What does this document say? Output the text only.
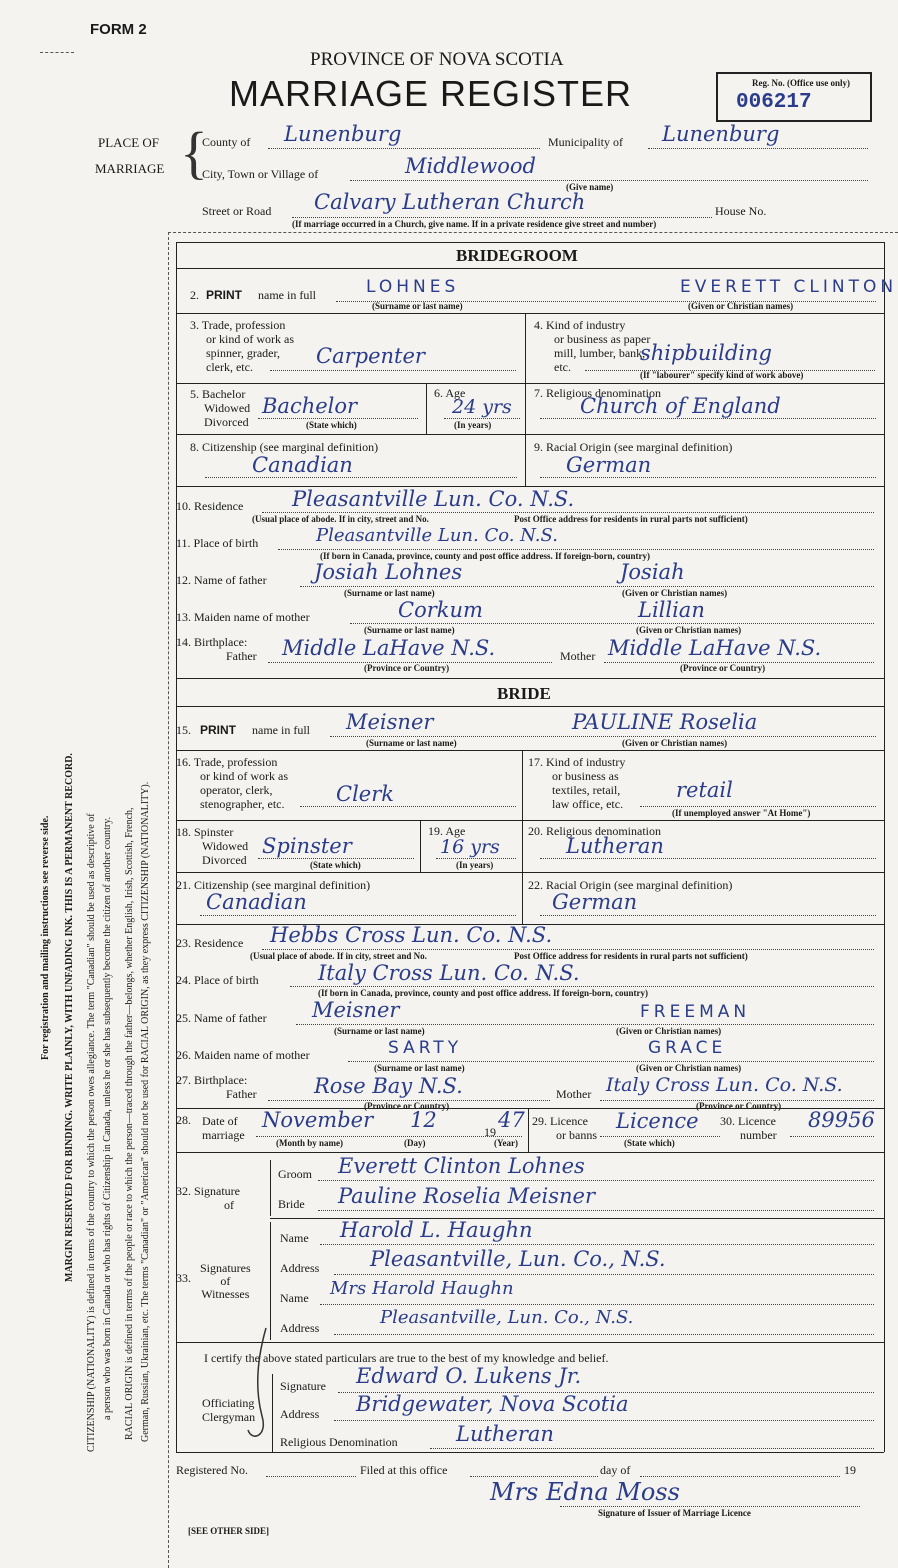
FORM 2
PROVINCE OF NOVA SCOTIA
MARRIAGE REGISTER	Reg. No. (Office use only)
006217
PLACE OF
MARRIAGE {
County of Lunenburg	Municipality of Lunenburg
City, Town or Village of	Middlewood
(Give name)
Street or Road Calvary Lutheran Church	House No.
(If marriage occurred in a Church, give name. If in a private residence give street and number)
BRIDEGROOM
2. PRINT name in full	LOHNES	EVERETT CLINTON
(Surname or last name)	(Given or Christian names)
3. Trade, profession
or kind of work as
spinner, grader,
clerk, etc.	Carpenter
4. Kind of industry
or business as paper
mill, lumber, bank,
etc.
shipbuilding
(If "labourer" specify kind of work above)
5. Bachelor
Widowed
Divorced
Bachelor
(State which)
6. Age
24 yrs
(In years)
7. Religious denomination
Church of England
8. Citizenship (see marginal definition)
Canadian
9. Racial Origin (see marginal definition)
German
10. Residence Pleasantville Lun. Co. N.S.
(Usual place of abode. If in city, street and No.	Post Office address for residents in rural parts not sufficient)
11. Place of birth	Pleasantville Lun. Co. N.S.
(If born in Canada, province, county and post office address. If foreign-born, country)
12. Name of father Josiah Lohnes	Josiah
(Surname or last name)	(Given or Christian names)
13. Maiden name of mother	Corkum	Lillian
(Surname or last name)	(Given or Christian names)
14. Birthplace:
Father Middle LaHave N.S.	Mother Middle LaHave N.S.
(Province or Country)	(Province or Country)
BRIDE
15. PRINT name in full Meisner	PAULINE Roselia
(Surname or last name)	(Given or Christian names)
16. Trade, profession
or kind of work as
operator, clerk,
stenographer, etc. Clerk
17. Kind of industry
or business as
textiles, retail,
law office, etc.
retail
(If unemployed answer "At Home")
18. Spinster
Widowed
Divorced
Spinster
(State which)
19. Age
16 yrs
(In years)
20. Religious denomination
Lutheran
21. Citizenship (see marginal definition)
Canadian
22. Racial Origin (see marginal definition)
German
23. Residence Hebbs Cross Lun. Co. N.S.
(Usual place of abode. If in city, street and No.	Post Office address for residents in rural parts not sufficient)
24. Place of birth	Italy Cross Lun. Co. N.S.
(If born in Canada, province, county and post office address. If foreign-born, country)
25. Name of father Meisner	FREEMAN
(Surname or last name)	(Given or Christian names)
26. Maiden name of mother	SARTY	GRACE
(Surname or last name)	(Given or Christian names)
27. Birthplace:
Father	Rose Bay N.S.	Mother Italy Cross Lun. Co. N.S.
(Province or Country)	(Province or Country)
28. Date of
marriage
November 12	19 47
(Month by name)	(Day)	(Year)
29. Licence
or banns
Licence
(State which)
30. Licence
number
89956
32. Signature
of
Groom Everett Clinton Lohnes
Bride Pauline Roselia Meisner
33.
Signatures
of
Witnesses
Name Harold L. Haughn
Address Pleasantville, Lun. Co., N.S.
Name Mrs Harold Haughn
Address	Pleasantville, Lun. Co., N.S.
I certify the above stated particulars are true to the best of my knowledge and belief.
Officiating
Clergyman
Signature Edward O. Lukens Jr.
Address Bridgewater, Nova Scotia
Religious Denomination	Lutheran
Registered No.	Filed at this office	day of	19
Mrs Edna Moss
Signature of Issuer of Marriage Licence
[SEE OTHER SIDE]
For registration and mailing instructions see reverse side. MARGIN RESERVED FOR BINDING. WRITE PLAINLY, WITH UNFADING INK. THIS IS A PERMANENT RECORD. CITIZENSHIP (NATIONALITY) is defined in terms of the country to which the person owes allegiance. The term "Canadian" should be used as descriptive of a person who was born in Canada or who has rights of Citizenship in Canada, unless he or she has subsequently become the citizen of another country. RACIAL ORIGIN is defined in terms of the people or race to which the person—traced through the father—belongs, whether English, Irish, Scottish, French, German, Russian, Ukrainian, etc. The terms "Canadian" or "American" should not be used for RACIAL ORIGIN, as they express CITIZENSHIP (NATIONALITY).
